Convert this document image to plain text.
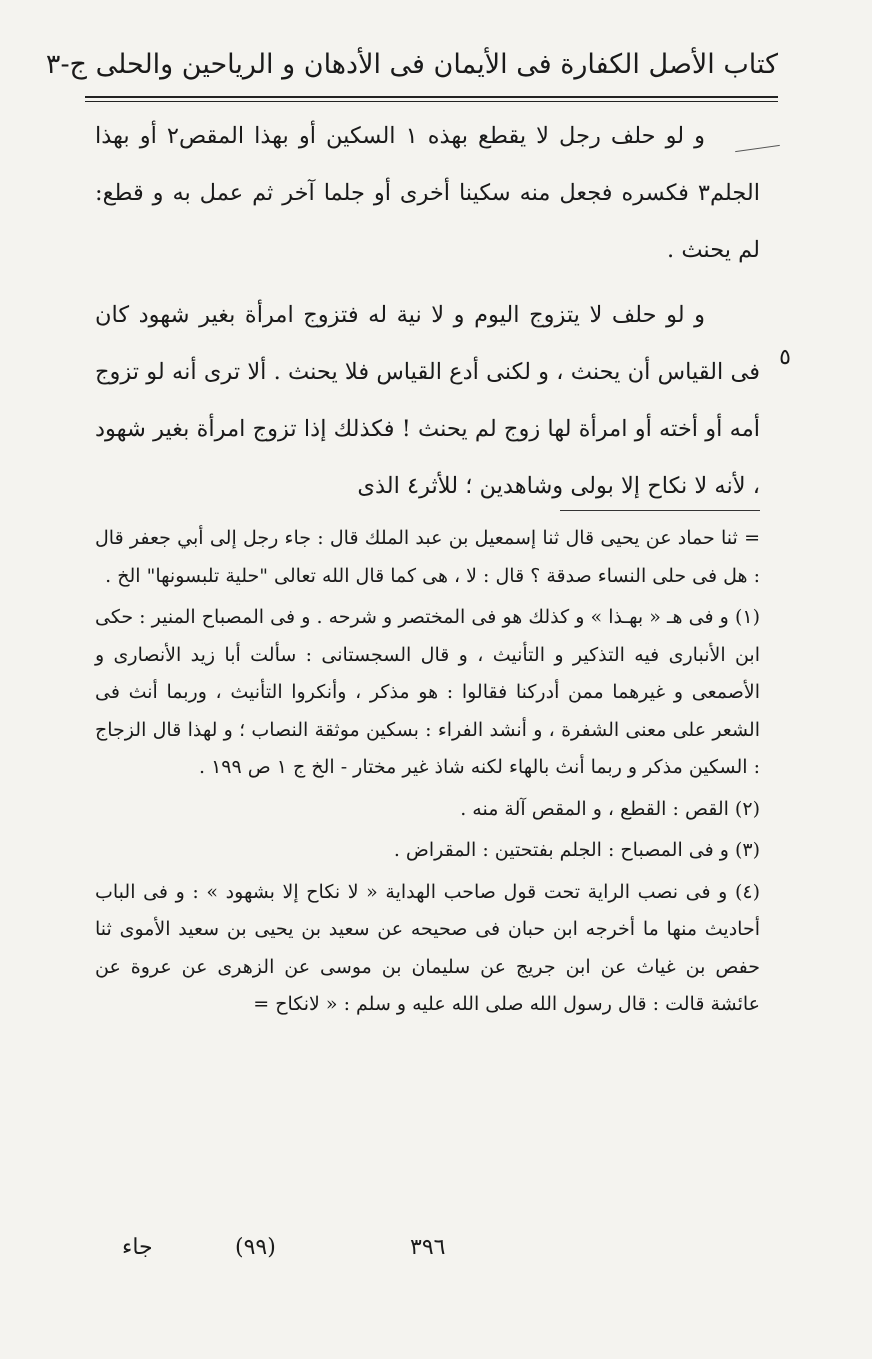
كتاب الأصل الكفارة فى الأيمان فى الأدهان و الرياحين والحلى ج-٣

و لو حلف رجل لا يقطع بهذه ١ السكين أو بهذا المقص٢ أو بهذا الجلم٣ فكسره فجعل منه سكينا أخرى أو جلما آخر ثم عمل به و قطع: لم يحنث .

و لو حلف لا يتزوج اليوم و لا نية له فتزوج امرأة بغير شهود كان فى القياس أن يحنث ، و لكنى أدع القياس فلا يحنث . ألا ترى أنه لو تزوج أمه أو أخته أو امرأة لها زوج لم يحنث ! فكذلك إذا تزوج امرأة بغير شهود ، لأنه لا نكاح إلا بولى وشاهدين ؛ للأثر٤ الذى

٥

= ثنا حماد عن يحيى قال ثنا إسمعيل بن عبد الملك قال : جاء رجل إلى أبي جعفر قال : هل فى حلى النساء صدقة ؟ قال : لا ، هى كما قال الله تعالى "حلية تلبسونها" الخ .

(١) و فى هـ « بهـذا » و كذلك هو فى المختصر و شرحه . و فى المصباح المنير : حكى ابن الأنبارى فيه التذكير و التأنيث ، و قال السجستانى : سألت أبا زيد الأنصارى و الأصمعى و غيرهما ممن أدركنا فقالوا : هو مذكر ، وأنكروا التأنيث ، وربما أنث فى الشعر على معنى الشفرة ، و أنشد الفراء : بسكين موثقة النصاب ؛ و لهذا قال الزجاج : السكين مذكر و ربما أنث بالهاء لكنه شاذ غير مختار - الخ ج ١ ص ١٩٩ .

(٢) القص : القطع ، و المقص آلة منه .

(٣) و فى المصباح : الجلم بفتحتين : المقراض .

(٤) و فى نصب الراية تحت قول صاحب الهداية « لا نكاح إلا بشهود » : و فى الباب أحاديث منها ما أخرجه ابن حبان فى صحيحه عن سعيد بن يحيى بن سعيد الأموى ثنا حفص بن غياث عن ابن جريج عن سليمان بن موسى عن الزهرى عن عروة عن عائشة قالت : قال رسول الله صلى الله عليه و سلم : « لانكاح =

جاء	(٩٩)	٣٩٦
